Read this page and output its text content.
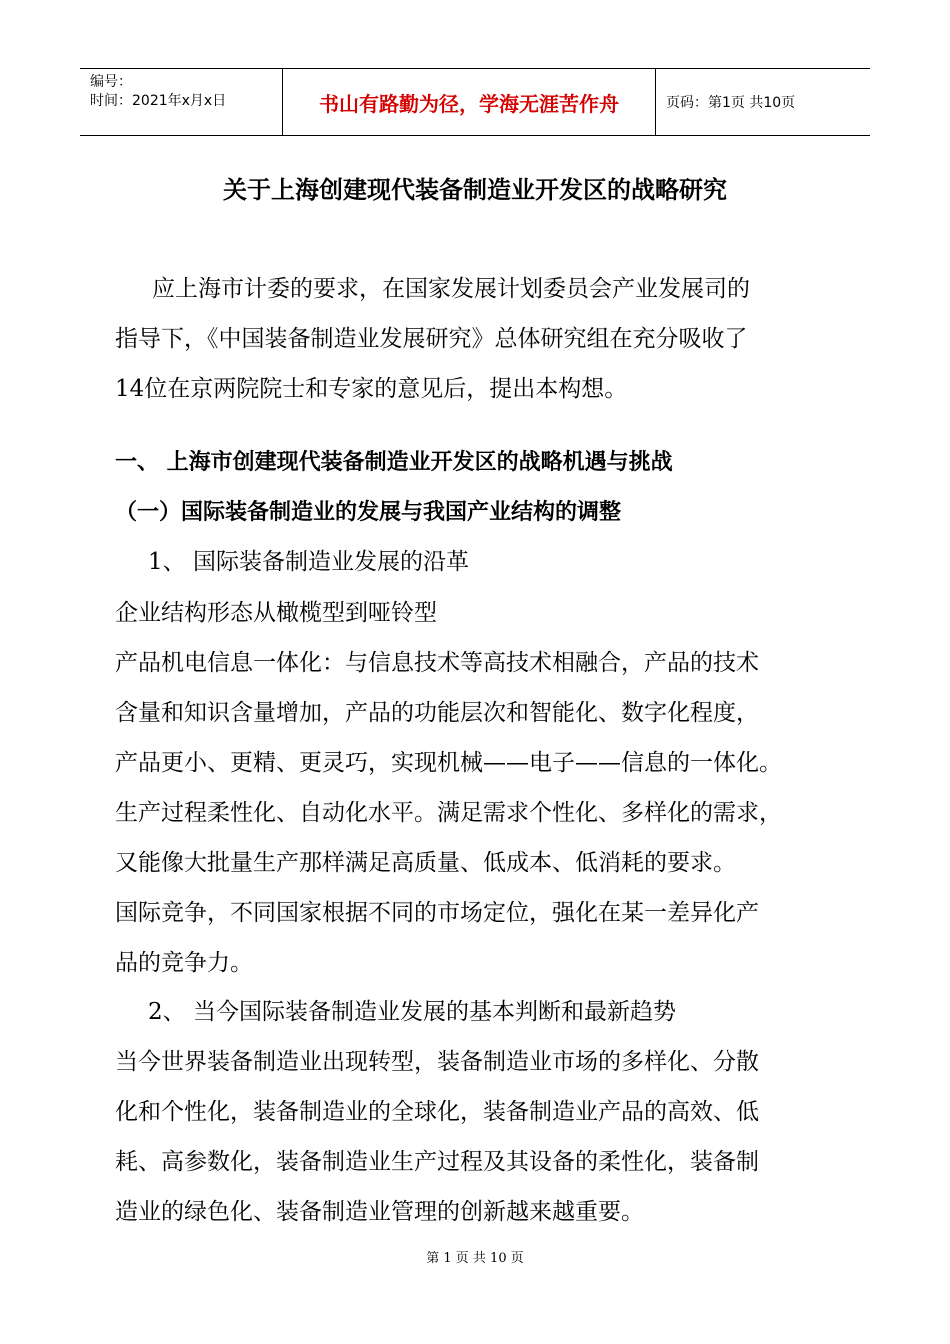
编号：
时间：2021年x月x日	书山有路勤为径，学海无涯苦作舟	页码：第1页 共10页
关于上海创建现代装备制造业开发区的战略研究
应上海市计委的要求，在国家发展计划委员会产业发展司的
指导下，《中国装备制造业发展研究》总体研究组在充分吸收了
14位在京两院院士和专家的意见后，提出本构想。
一、 上海市创建现代装备制造业开发区的战略机遇与挑战
（一）国际装备制造业的发展与我国产业结构的调整
1、 国际装备制造业发展的沿革
企业结构形态从橄榄型到哑铃型
产品机电信息一体化：与信息技术等高技术相融合，产品的技术
含量和知识含量增加，产品的功能层次和智能化、数字化程度，
产品更小、更精、更灵巧，实现机械——电子——信息的一体化。
生产过程柔性化、自动化水平。满足需求个性化、多样化的需求，
又能像大批量生产那样满足高质量、低成本、低消耗的要求。
国际竞争，不同国家根据不同的市场定位，强化在某一差异化产
品的竞争力。
2、 当今国际装备制造业发展的基本判断和最新趋势
当今世界装备制造业出现转型，装备制造业市场的多样化、分散
化和个性化，装备制造业的全球化，装备制造业产品的高效、低
耗、高参数化，装备制造业生产过程及其设备的柔性化，装备制
造业的绿色化、装备制造业管理的创新越来越重要。
第 1 页 共 10 页
